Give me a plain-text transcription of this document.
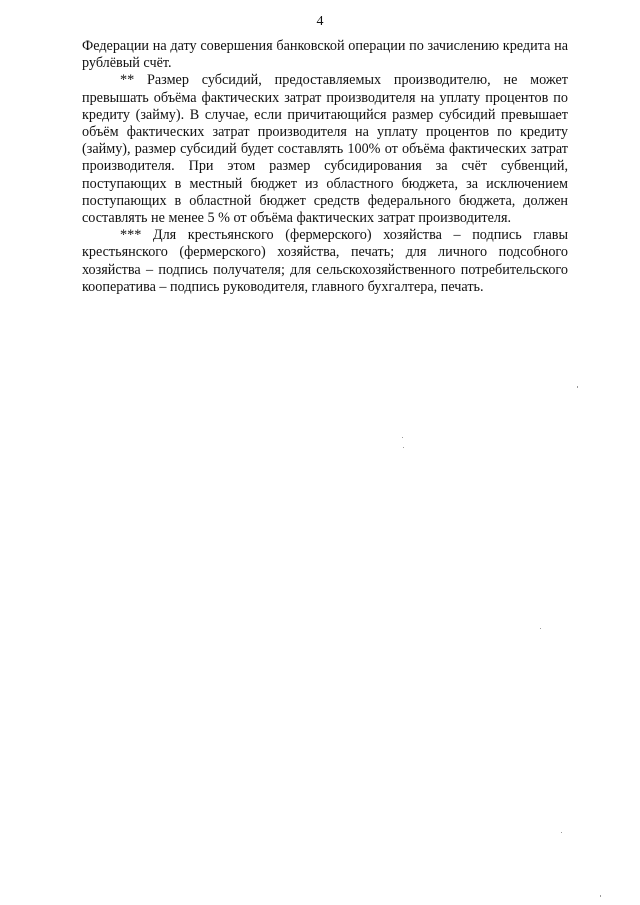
4

Федерации на дату совершения банковской операции по зачислению кредита на рублёвый счёт.

** Размер субсидий, предоставляемых производителю, не может превышать объёма фактических затрат производителя на уплату процентов по кредиту (займу). В случае, если причитающийся размер субсидий превышает объём фактических затрат производителя на уплату процентов по кредиту (займу), размер субсидий будет составлять 100% от объёма фактических затрат производителя. При этом размер субсидирования за счёт субвенций, поступающих в местный бюджет из областного бюджета, за исключением поступающих в областной бюджет средств федерального бюджета, должен составлять не менее 5 % от объёма фактических затрат производителя.

*** Для крестьянского (фермерского) хозяйства – подпись главы крестьянского (фермерского) хозяйства, печать; для личного подсобного хозяйства – подпись получателя; для сельскохозяйственного потребительского кооператива – подпись руководителя, главного бухгалтера, печать.
